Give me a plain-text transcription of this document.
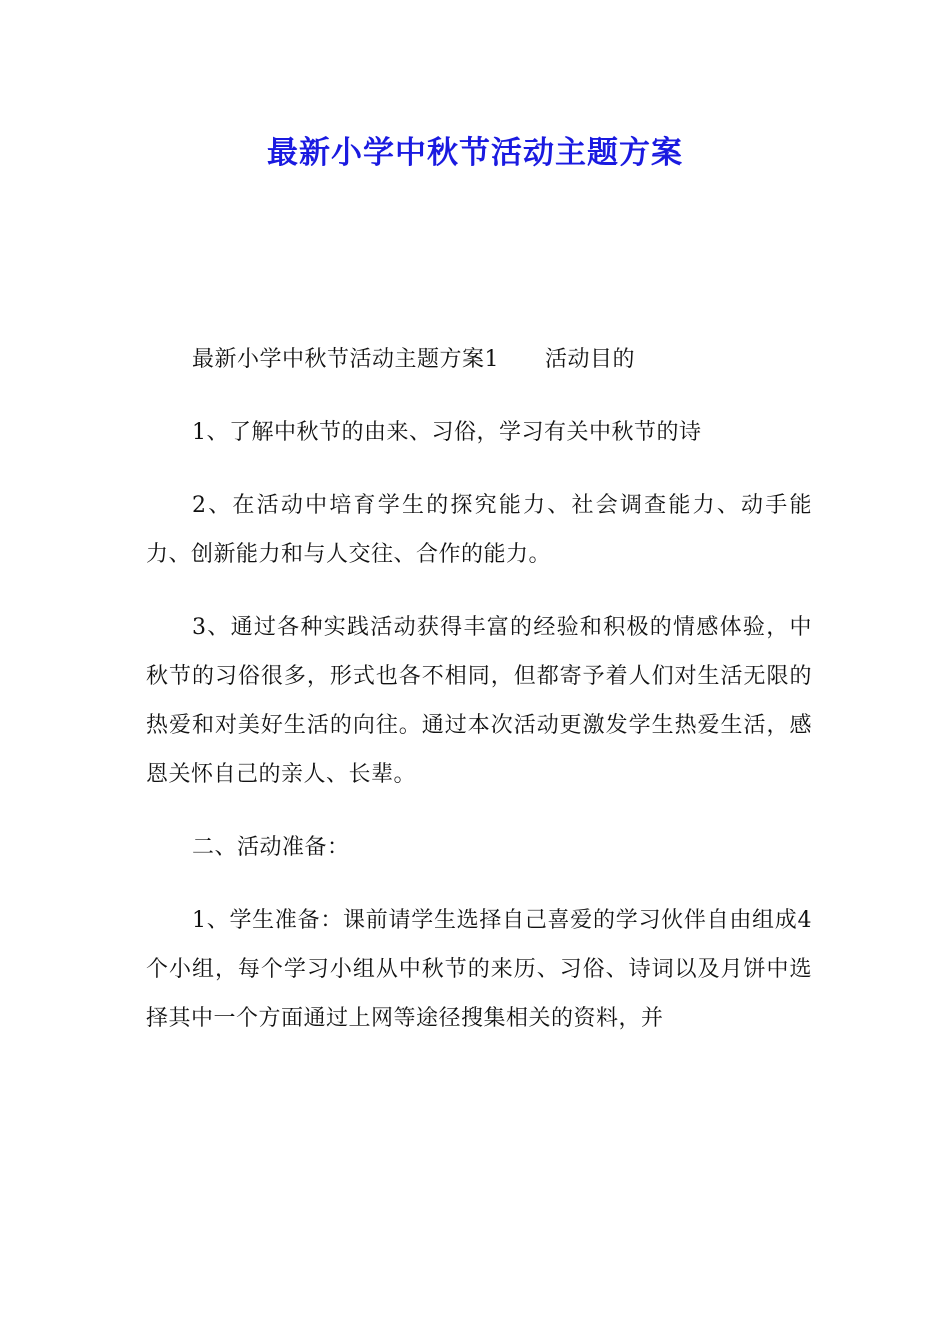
最新小学中秋节活动主题方案

最新小学中秋节活动主题方案1 活动目的

1、了解中秋节的由来、习俗，学习有关中秋节的诗

2、在活动中培育学生的探究能力、社会调查能力、动手能力、创新能力和与人交往、合作的能力。

3、通过各种实践活动获得丰富的经验和积极的情感体验，中秋节的习俗很多，形式也各不相同，但都寄予着人们对生活无限的热爱和对美好生活的向往。通过本次活动更激发学生热爱生活，感恩关怀自己的亲人、长辈。

二、活动准备：

1、学生准备：课前请学生选择自己喜爱的学习伙伴自由组成4个小组，每个学习小组从中秋节的来历、习俗、诗词以及月饼中选择其中一个方面通过上网等途径搜集相关的资料，并
